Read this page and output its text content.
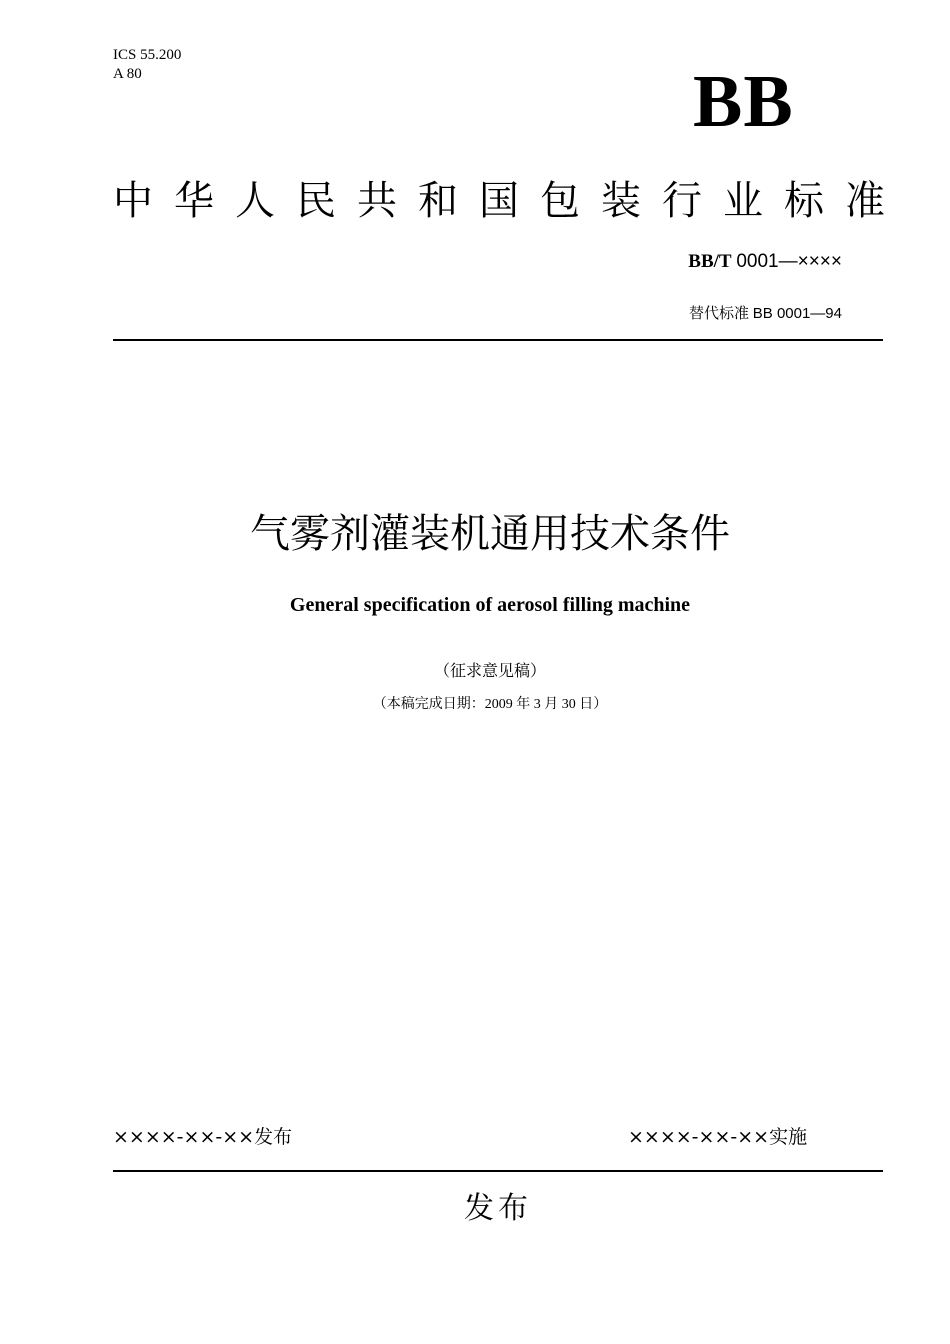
ICS 55.200
A 80	BB
中 华 人 民 共 和 国 包 装 行 业 标 准
BB/T 0001—××××
替代标准 BB 0001—94
气雾剂灌装机通用技术条件
General specification of aerosol filling machine
（征求意见稿）
（本稿完成日期：2009 年 3 月 30 日）
××××-××-××发布	××××-××-××实施
发布
